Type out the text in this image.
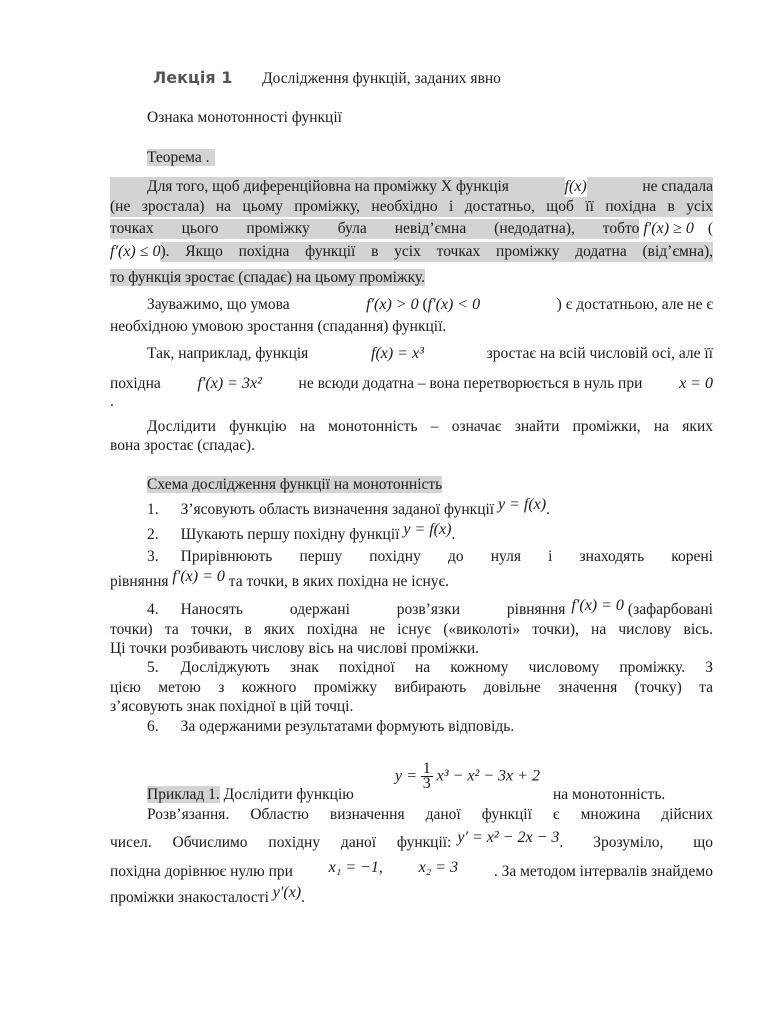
Лекція 1 Дослідження функцій, заданих явно
Ознака монотонності функції
Теорема .
Для того, щоб диференційовна на проміжку X функція	f(x)	не спадала
(не зростала) на цьому проміжку, необхідно і достатньо, щоб її похідна в усіх
точках цього проміжку була невід’ємна (недодатна), тобто f′(x) ≥ 0 (
f′(x) ≤ 0 ). Якщо похідна функції в усіх точках проміжку додатна (від’ємна),
то функція зростає (спадає) на цьому проміжку.
Зауважимо, що умова	f′(x) > 0 (f′(x) < 0	) є достатньою, але не є
необхідною умовою зростання (спадання) функції.
Так, наприклад, функція	f(x) = x³	зростає на всій числовій осі, але її
похідна f′(x) = 3x² не всюди додатна – вона перетворюється в нуль при x = 0
.
Дослідити функцію на монотонність – означає знайти проміжки, на яких
вона зростає (спадає).
Схема дослідження функції на монотонність
1. З’ясовують область визначення заданої функції y = f(x).
2. Шукають першу похідну функції y = f(x).
3. Прирівнюють першу похідну до нуля і знаходять корені
рівняння f′(x) = 0 та точки, в яких похідна не існує.
4. Наносять одержані розв’язки рівняння f′(x) = 0 (зафарбовані
точки) та точки, в яких похідна не існує («виколоті» точки), на числову вісь.
Ці точки розбивають числову вісь на числові проміжки.
5. Досліджують знак похідної на кожному числовому проміжку. З
цією метою з кожного проміжку вибирають довільне значення (точку) та
з’ясовують знак похідної в цій точці.
6. За одержаними результатами формують відповідь.
$y = \frac{1}{3} x^3 - x^2 - 3x + 2$
Приклад 1. Дослідити функцію	на монотонність.
Розв’язання. Областю визначення даної функції є множина дійсних
чисел. Обчислимо похідну даної функції: y′ = x² − 2x − 3 . Зрозуміло, що
похідна дорівнює нулю при x₁ = −1, x₂ = 3 . За методом інтервалів знайдемо
проміжки знакосталості y′(x).
